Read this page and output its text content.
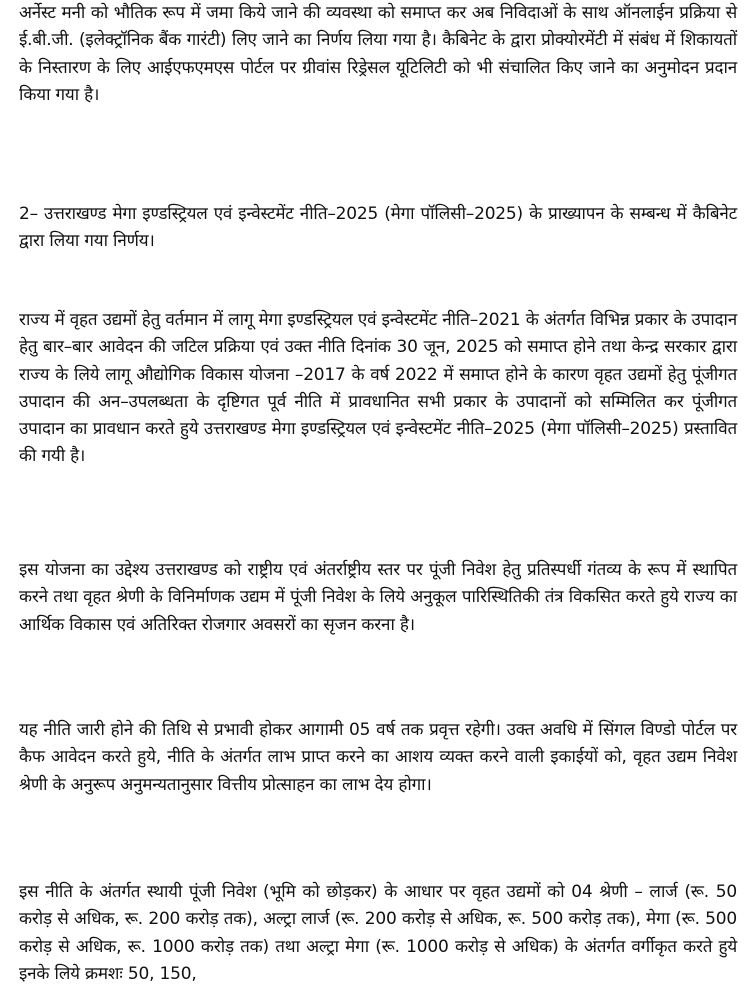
अर्नेस्ट मनी को भौतिक रूप में जमा किये जाने की व्यवस्था को समाप्त कर अब निविदाओं के साथ ऑनलाईन प्रक्रिया से ई.बी.जी. (इलेक्ट्रॉनिक बैंक गारंटी) लिए जाने का निर्णय लिया गया है। कैबिनेट के द्वारा प्रोक्योरमेंटी में संबंध में शिकायतों के निस्तारण के लिए आईएफएमएस पोर्टल पर ग्रीवांस रिड्रेसल यूटिलिटी को भी संचालित किए जाने का अनुमोदन प्रदान किया गया है।

2– उत्तराखण्ड मेगा इण्डस्ट्रियल एवं इन्वेस्टमेंट नीति–2025 (मेगा पॉलिसी–2025) के प्राख्यापन के सम्बन्ध में कैबिनेट द्वारा लिया गया निर्णय।

राज्य में वृहत उद्यमों हेतु वर्तमान में लागू मेगा इण्डस्ट्रियल एवं इन्वेस्टमेंट नीति–2021 के अंतर्गत विभिन्न प्रकार के उपादान हेतु बार–बार आवेदन की जटिल प्रक्रिया एवं उक्त नीति दिनांक 30 जून, 2025 को समाप्त होने तथा केन्द्र सरकार द्वारा राज्य के लिये लागू औद्योगिक विकास योजना –2017 के वर्ष 2022 में समाप्त होने के कारण वृहत उद्यमों हेतु पूंजीगत उपादान की अन–उपलब्धता के दृष्टिगत पूर्व नीति में प्रावधानित सभी प्रकार के उपादानों को सम्मिलित कर पूंजीगत उपादान का प्रावधान करते हुये उत्तराखण्ड मेगा इण्डस्ट्रियल एवं इन्वेस्टमेंट नीति–2025 (मेगा पॉलिसी–2025) प्रस्तावित की गयी है।

इस योजना का उद्देश्य उत्तराखण्ड को राष्ट्रीय एवं अंतर्राष्ट्रीय स्तर पर पूंजी निवेश हेतु प्रतिस्पर्धी गंतव्य के रूप में स्थापित करने तथा वृहत श्रेणी के विनिर्माणक उद्यम में पूंजी निवेश के लिये अनुकूल पारिस्थितिकी तंत्र विकसित करते हुये राज्य का आर्थिक विकास एवं अतिरिक्त रोजगार अवसरों का सृजन करना है।

यह नीति जारी होने की तिथि से प्रभावी होकर आगामी 05 वर्ष तक प्रवृत्त रहेगी। उक्त अवधि में सिंगल विण्डो पोर्टल पर कैफ आवेदन करते हुये, नीति के अंतर्गत लाभ प्राप्त करने का आशय व्यक्त करने वाली इकाईयों को, वृहत उद्यम निवेश श्रेणी के अनुरूप अनुमन्यतानुसार वित्तीय प्रोत्साहन का लाभ देय होगा।

इस नीति के अंतर्गत स्थायी पूंजी निवेश (भूमि को छोड़कर) के आधार पर वृहत उद्यमों को 04 श्रेणी – लार्ज (रू. 50 करोड़ से अधिक, रू. 200 करोड़ तक), अल्ट्रा लार्ज (रू. 200 करोड़ से अधिक, रू. 500 करोड़ तक), मेगा (रू. 500 करोड़ से अधिक, रू. 1000 करोड़ तक) तथा अल्ट्रा मेगा (रू. 1000 करोड़ से अधिक) के अंतर्गत वर्गीकृत करते हुये इनके लिये क्रमशः 50, 150,
